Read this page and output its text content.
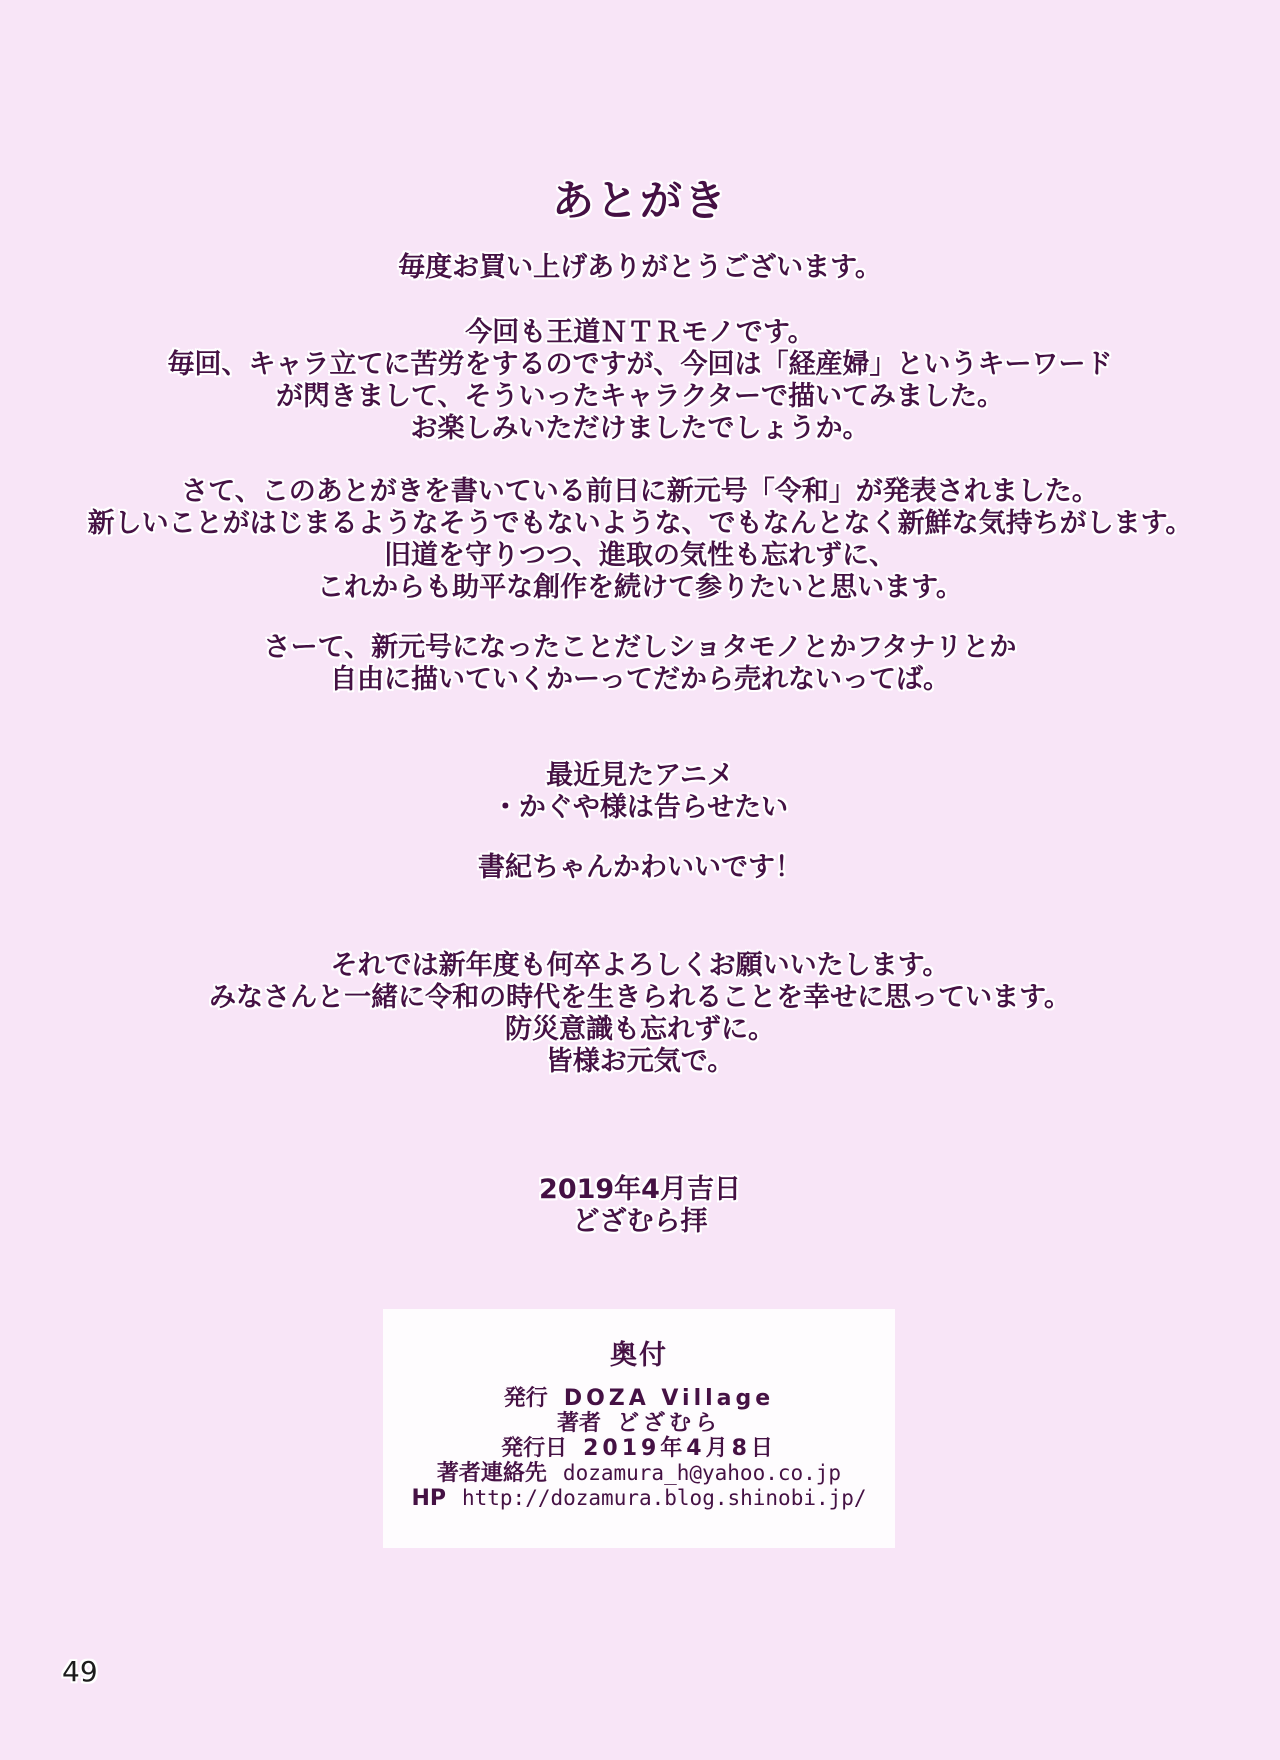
あとがき
毎度お買い上げありがとうございます。
今回も王道ＮＴＲモノです。
毎回、キャラ立てに苦労をするのですが、今回は「経産婦」というキーワード
が閃きまして、そういったキャラクターで描いてみました。
お楽しみいただけましたでしょうか。
さて、このあとがきを書いている前日に新元号「令和」が発表されました。
新しいことがはじまるようなそうでもないような、でもなんとなく新鮮な気持ちがします。
旧道を守りつつ、進取の気性も忘れずに、
これからも助平な創作を続けて参りたいと思います。
さーて、新元号になったことだしショタモノとかフタナリとか
自由に描いていくかーってだから売れないってば。
最近見たアニメ
・かぐや様は告らせたい
書紀ちゃんかわいいです！
それでは新年度も何卒よろしくお願いいたします。
みなさんと一緒に令和の時代を生きられることを幸せに思っています。
防災意識も忘れずに。
皆様お元気で。
2019年4月吉日
どざむら拝
奥付
発行 DOZA Village
著者 どざむら
発行日 2019年4月8日
著者連絡先 dozamura_h@yahoo.co.jp
HP http://dozamura.blog.shinobi.jp/
49
